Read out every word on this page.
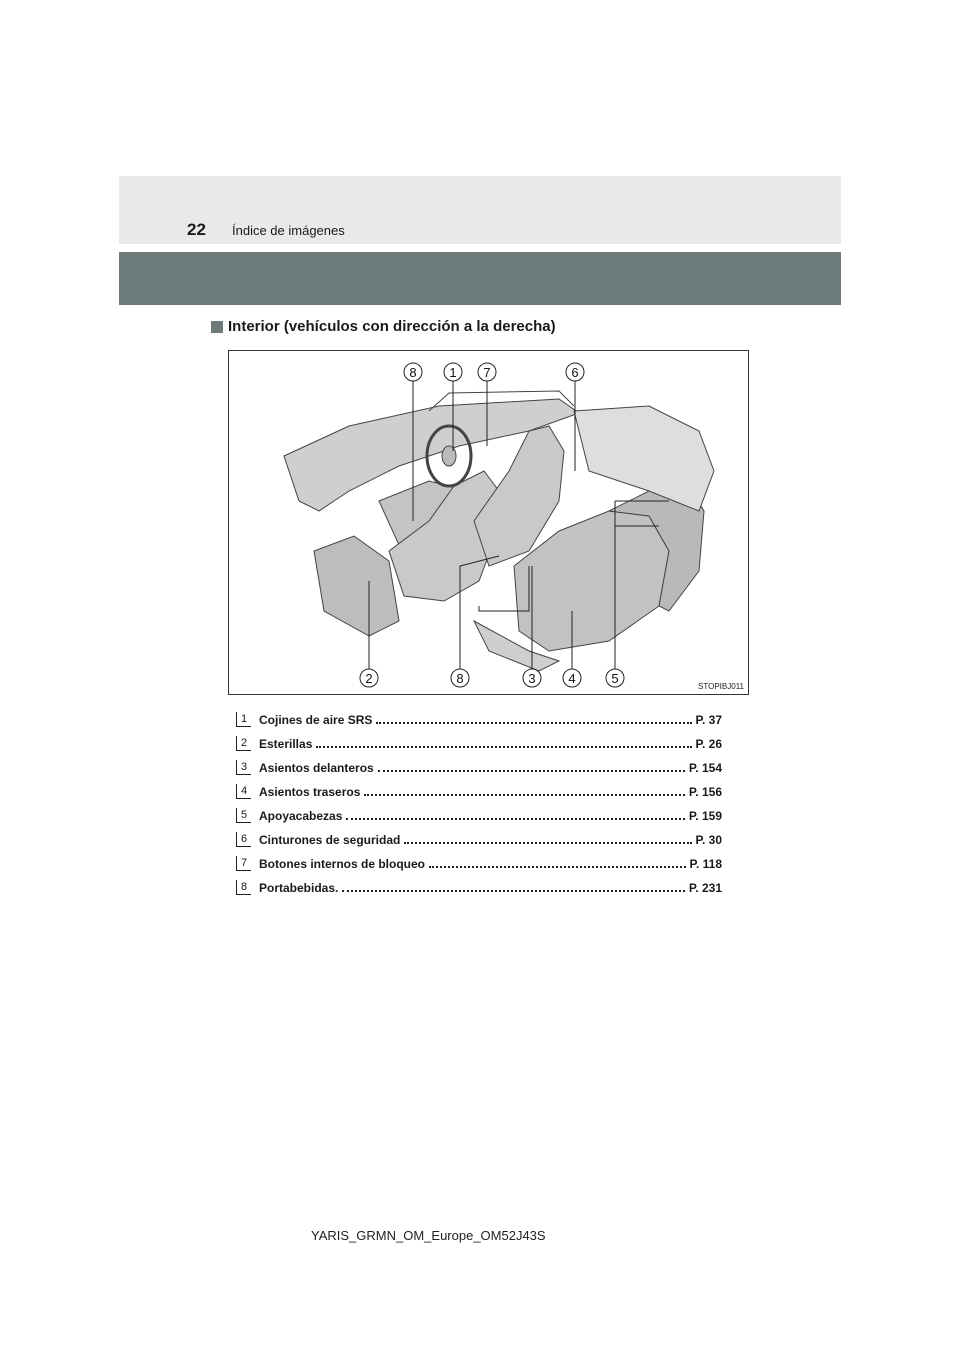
22 Índice de imágenes
Interior (vehículos con dirección a la derecha)
8	1 7	6
2	8	3	4	5
STOPIBJ011
1 Cojines de aire SRS	P. 37
2 Esterillas	P. 26
3 Asientos delanteros	P. 154
4 Asientos traseros	P. 156
5 Apoyacabezas	P. 159
6 Cinturones de seguridad	P. 30
7 Botones internos de bloqueo	P. 118
8 Portabebidas.	P. 231
YARIS_GRMN_OM_Europe_OM52J43S
